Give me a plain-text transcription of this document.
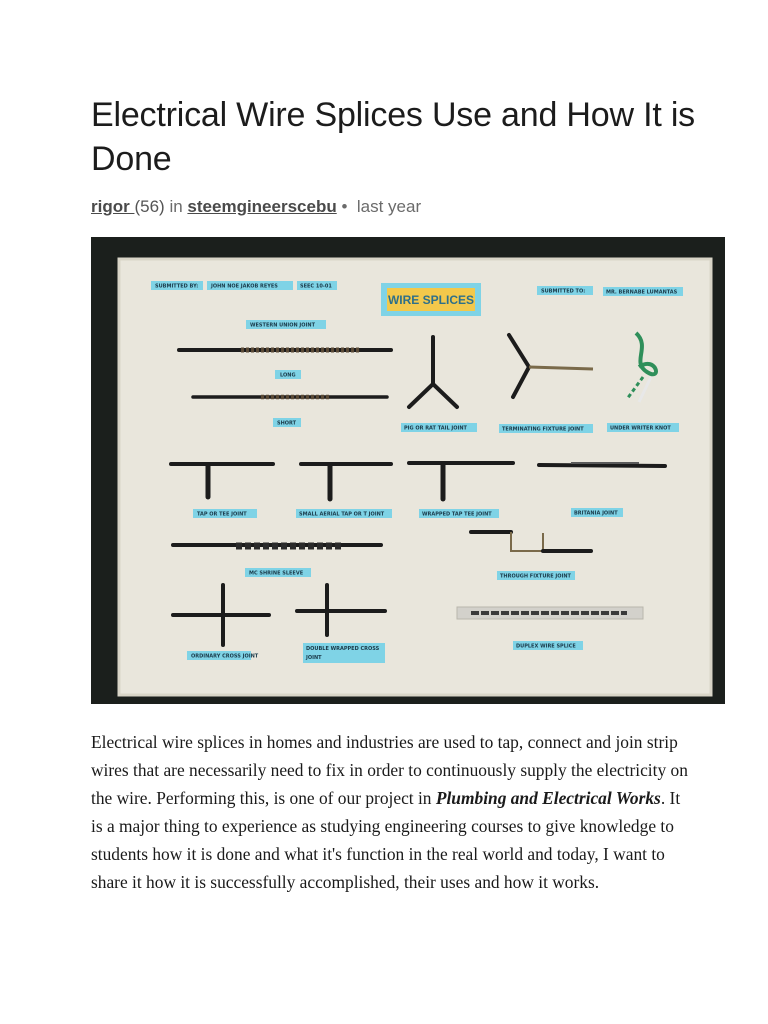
Electrical Wire Splices Use and How It is Done
rigor (56) in steemgineerscebu • last year
SUBMITTED BY:	JOHN NOE JAKOB REYES	SEEC 10-01
WIRE SPLICES
SUBMITTED TO:	MR. BERNABE LUMANTAS
WESTERN UNION JOINT
LONG
SHORT
PIG OR RAT TAIL JOINT	TERMINATING FIXTURE JOINT	UNDER WRITER KNOT
TAP OR TEE JOINT	SMALL AERIAL TAP OR T JOINT	WRAPPED TAP TEE JOINT	BRITANIA JOINT
MC SHRINE SLEEVE	THROUGH FIXTURE JOINT
ORDINARY CROSS JOINT
DOUBLE WRAPPED CROSS
JOINT
DUPLEX WIRE SPLICE

Electrical wire splices in homes and industries are used to tap, connect and join strip wires that are necessarily need to fix in order to continuously supply the electricity on the wire. Performing this, is one of our project in Plumbing and Electrical Works. It is a major thing to experience as studying engineering courses to give knowledge to students how it is done and what it's function in the real world and today, I want to share it how it is successfully accomplished, their uses and how it works.
